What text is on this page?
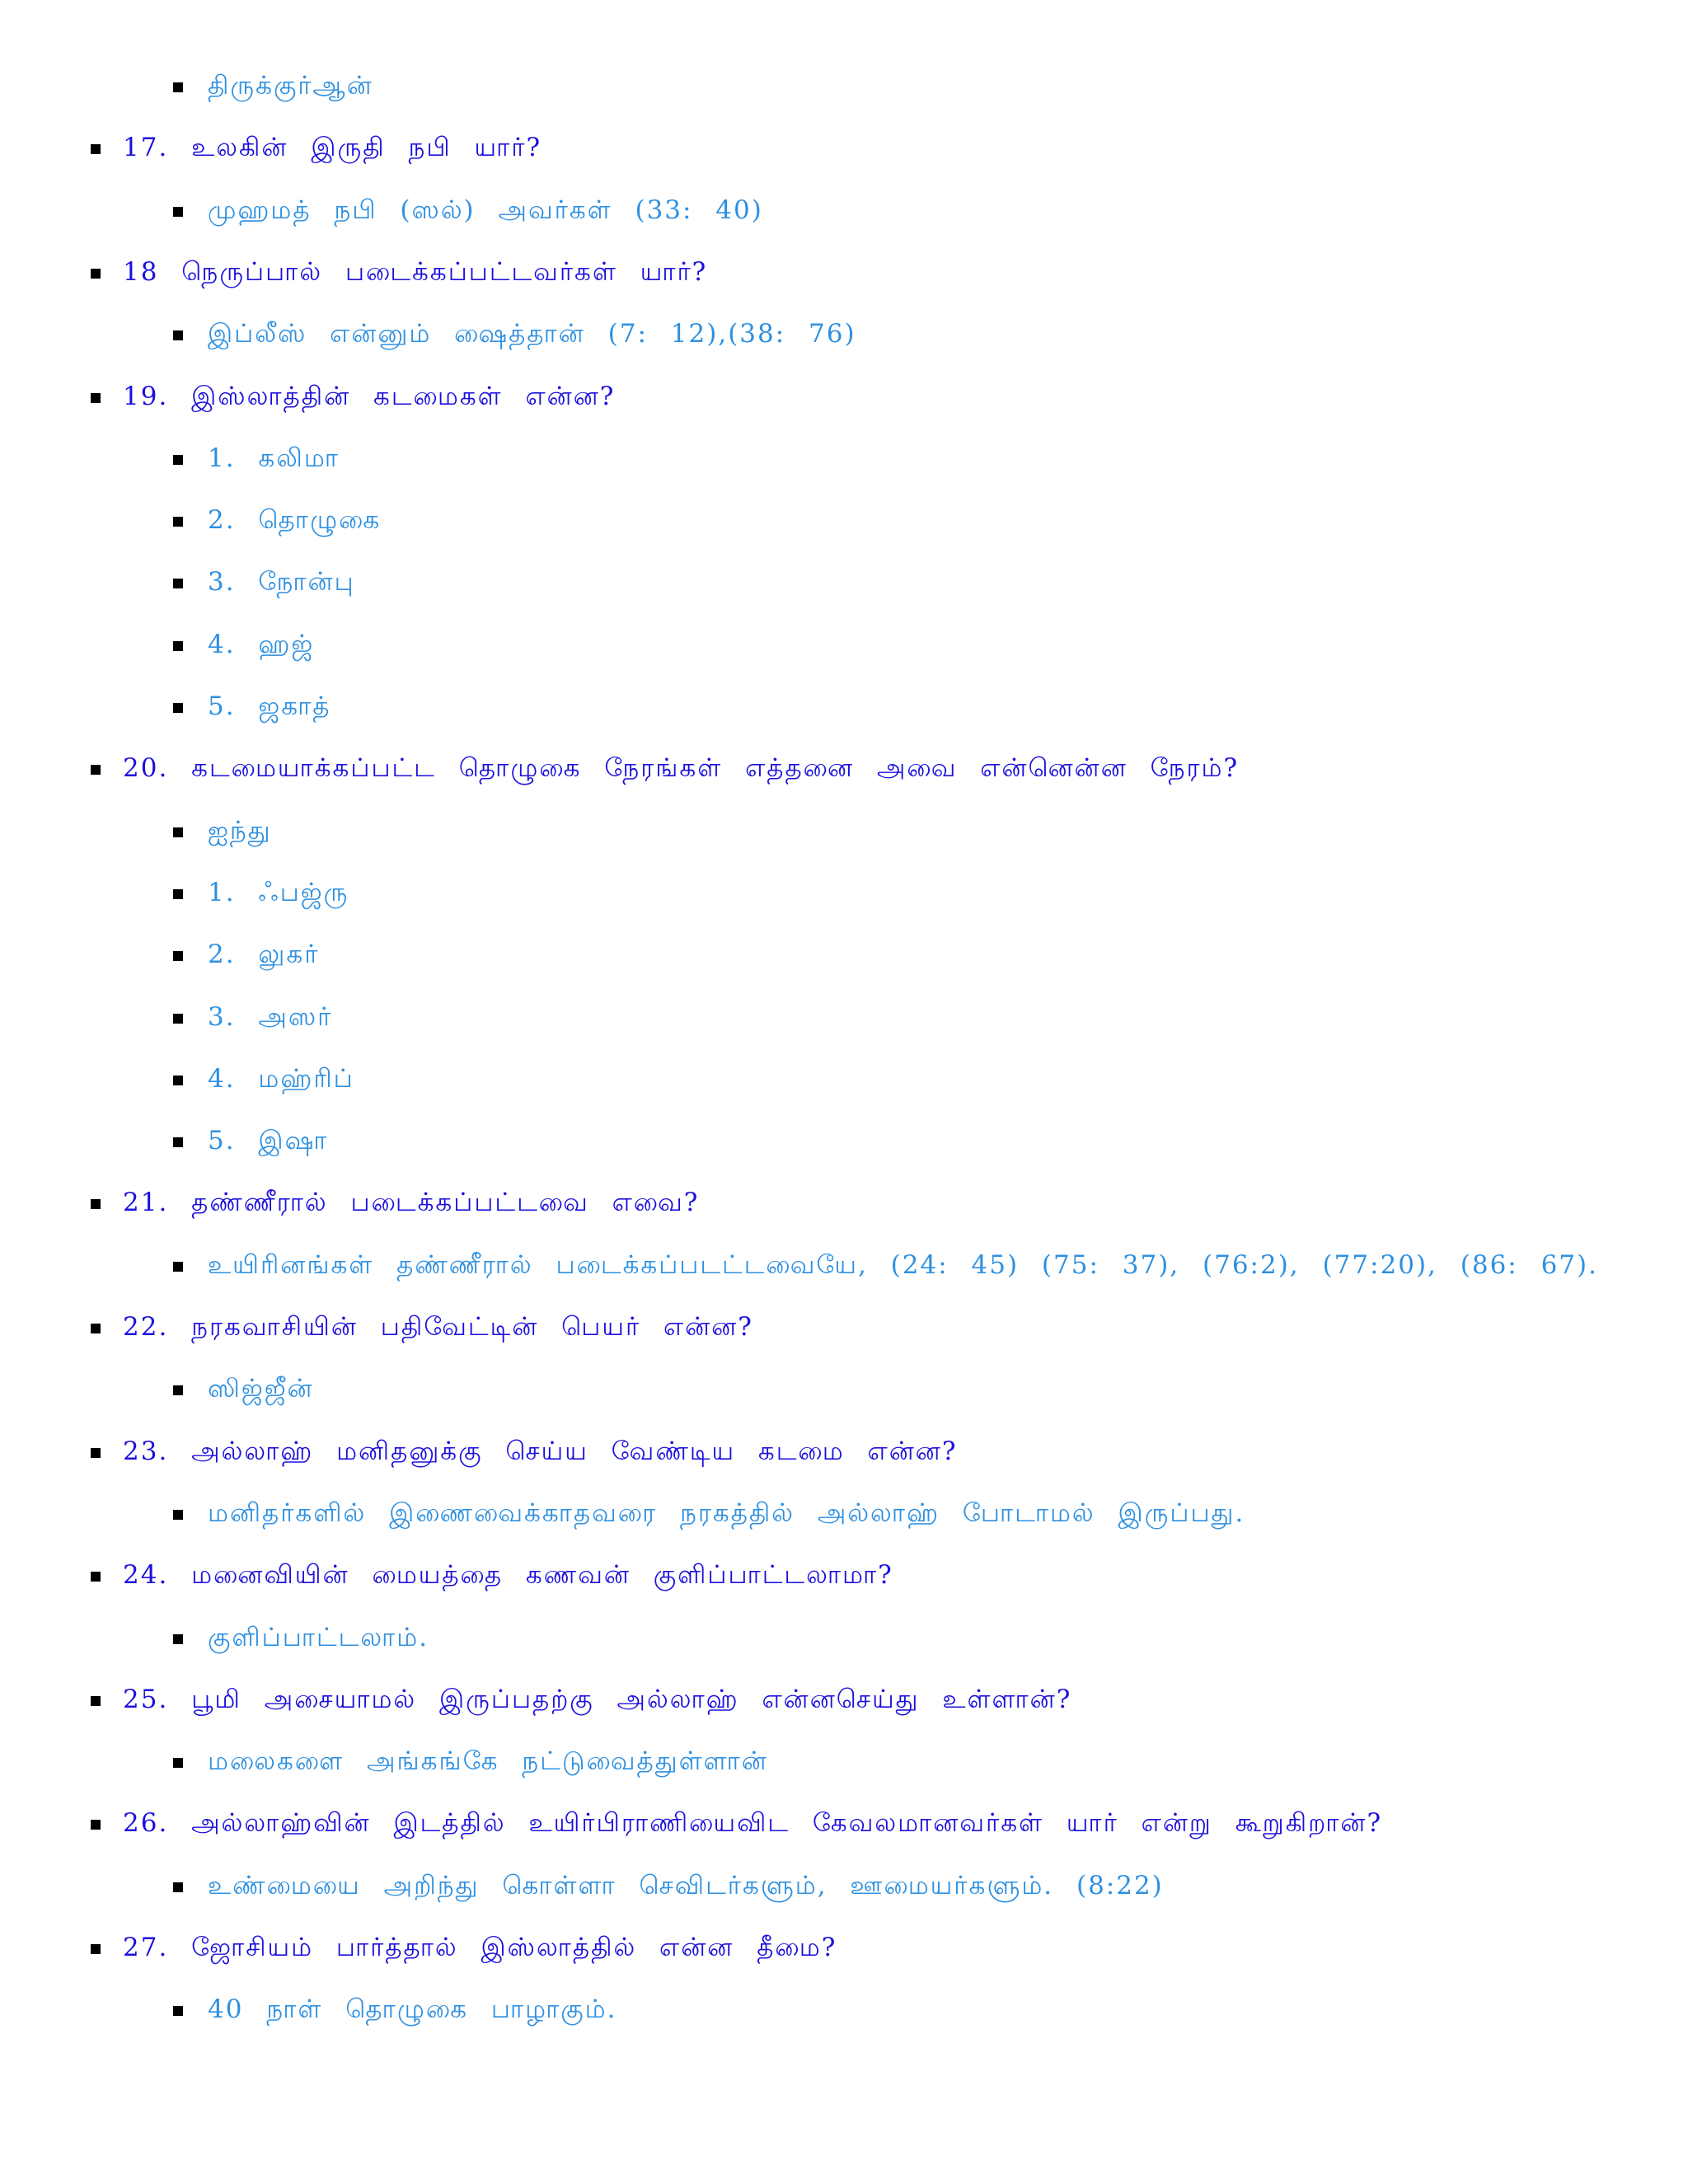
திருக்குர்ஆன்
17. உலகின் இருதி நபி யார்?
முஹமத் நபி (ஸல்) அவர்கள் (33: 40)
18 நெருப்பால் படைக்கப்பட்டவர்கள் யார்?
இப்லீஸ் என்னும் ஷைத்தான் (7: 12),(38: 76)
19. இஸ்லாத்தின் கடமைகள் என்ன?
1. கலிமா
2. தொழுகை
3. நோன்பு
4. ஹஜ்
5. ஜகாத்
20. கடமையாக்கப்பட்ட தொழுகை நேரங்கள் எத்தனை அவை என்னென்ன நேரம்?
ஐந்து
1. ஃபஜ்ரு
2. லுகர்
3. அஸர்
4. மஹ்ரிப்
5. இஷா
21. தண்ணீரால் படைக்கப்பட்டவை எவை?
உயிரினங்கள் தண்ணீரால் படைக்கப்படட்டவையே, (24: 45) (75: 37), (76:2), (77:20), (86: 67).
22. நரகவாசியின் பதிவேட்டின் பெயர் என்ன?
ஸிஜ்ஜீன்
23. அல்லாஹ் மனிதனுக்கு செய்ய வேண்டிய கடமை என்ன?
மனிதர்களில் இணைவைக்காதவரை நரகத்தில் அல்லாஹ் போடாமல் இருப்பது.
24. மனைவியின் மையத்தை கணவன் குளிப்பாட்டலாமா?
குளிப்பாட்டலாம்.
25. பூமி அசையாமல் இருப்பதற்கு அல்லாஹ் என்னசெய்து உள்ளான்?
மலைகளை அங்கங்கே நட்டுவைத்துள்ளான்
26. அல்லாஹ்வின் இடத்தில் உயிர்பிராணியைவிட கேவலமானவர்கள் யார் என்று கூறுகிறான்?
உண்மையை அறிந்து கொள்ளா செவிடர்களும், ஊமையர்களும். (8:22)
27. ஜோசியம் பார்த்தால் இஸ்லாத்தில் என்ன தீமை?
40 நாள் தொழுகை பாழாகும்.
